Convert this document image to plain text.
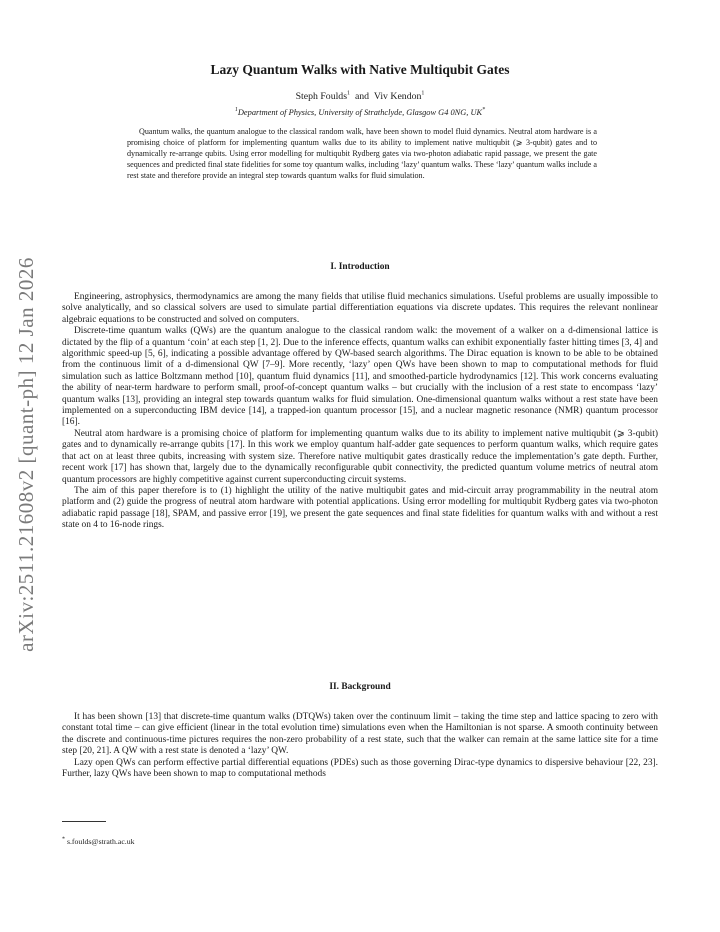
arXiv:2511.21608v2 [quant-ph] 12 Jan 2026
Lazy Quantum Walks with Native Multiqubit Gates

Steph Foulds$^1$ and Viv Kendon$^1$

$^1$Department of Physics, University of Strathclyde, Glasgow G4 0NG, UK*

Quantum walks, the quantum analogue to the classical random walk, have been shown to model fluid dynamics. Neutral atom hardware is a promising choice of platform for implementing quantum walks due to its ability to implement native multiqubit (⩾ 3-qubit) gates and to dynamically re-arrange qubits. Using error modelling for multiqubit Rydberg gates via two-photon adiabatic rapid passage, we present the gate sequences and predicted final state fidelities for some toy quantum walks, including ‘lazy’ quantum walks. These ‘lazy’ quantum walks include a rest state and therefore provide an integral step towards quantum walks for fluid simulation.

I. Introduction

Engineering, astrophysics, thermodynamics are among the many fields that utilise fluid mechanics simulations. Useful problems are usually impossible to solve analytically, and so classical solvers are used to simulate partial differentiation equations via discrete updates. This requires the relevant nonlinear algebraic equations to be constructed and solved on computers.

Discrete-time quantum walks (QWs) are the quantum analogue to the classical random walk: the movement of a walker on a d-dimensional lattice is dictated by the flip of a quantum ‘coin’ at each step [1, 2]. Due to the inference effects, quantum walks can exhibit exponentially faster hitting times [3, 4] and algorithmic speed-up [5, 6], indicating a possible advantage offered by QW-based search algorithms. The Dirac equation is known to be able to be obtained from the continuous limit of a d-dimensional QW [7–9]. More recently, ‘lazy’ open QWs have been shown to map to computational methods for fluid simulation such as lattice Boltzmann method [10], quantum fluid dynamics [11], and smoothed-particle hydrodynamics [12]. This work concerns evaluating the ability of near-term hardware to perform small, proof-of-concept quantum walks – but crucially with the inclusion of a rest state to encompass ‘lazy’ quantum walks [13], providing an integral step towards quantum walks for fluid simulation. One-dimensional quantum walks without a rest state have been implemented on a superconducting IBM device [14], a trapped-ion quantum processor [15], and a nuclear magnetic resonance (NMR) quantum processor [16].

Neutral atom hardware is a promising choice of platform for implementing quantum walks due to its ability to implement native multiqubit (⩾ 3-qubit) gates and to dynamically re-arrange qubits [17]. In this work we employ quantum half-adder gate sequences to perform quantum walks, which require gates that act on at least three qubits, increasing with system size. Therefore native multiqubit gates drastically reduce the implementation’s gate depth. Further, recent work [17] has shown that, largely due to the dynamically reconfigurable qubit connectivity, the predicted quantum volume metrics of neutral atom quantum processors are highly competitive against current superconducting circuit systems.

The aim of this paper therefore is to (1) highlight the utility of the native multiqubit gates and mid-circuit array programmability in the neutral atom platform and (2) guide the progress of neutral atom hardware with potential applications. Using error modelling for multiqubit Rydberg gates via two-photon adiabatic rapid passage [18], SPAM, and passive error [19], we present the gate sequences and final state fidelities for quantum walks with and without a rest state on 4 to 16-node rings.

II. Background

It has been shown [13] that discrete-time quantum walks (DTQWs) taken over the continuum limit – taking the time step and lattice spacing to zero with constant total time – can give efficient (linear in the total evolution time) simulations even when the Hamiltonian is not sparse. A smooth continuity between the discrete and continuous-time pictures requires the non-zero probability of a rest state, such that the walker can remain at the same lattice site for a time step [20, 21]. A QW with a rest state is denoted a ‘lazy’ QW.

Lazy open QWs can perform effective partial differential equations (PDEs) such as those governing Dirac-type dynamics to dispersive behaviour [22, 23]. Further, lazy QWs have been shown to map to computational methods

* s.foulds@strath.ac.uk
